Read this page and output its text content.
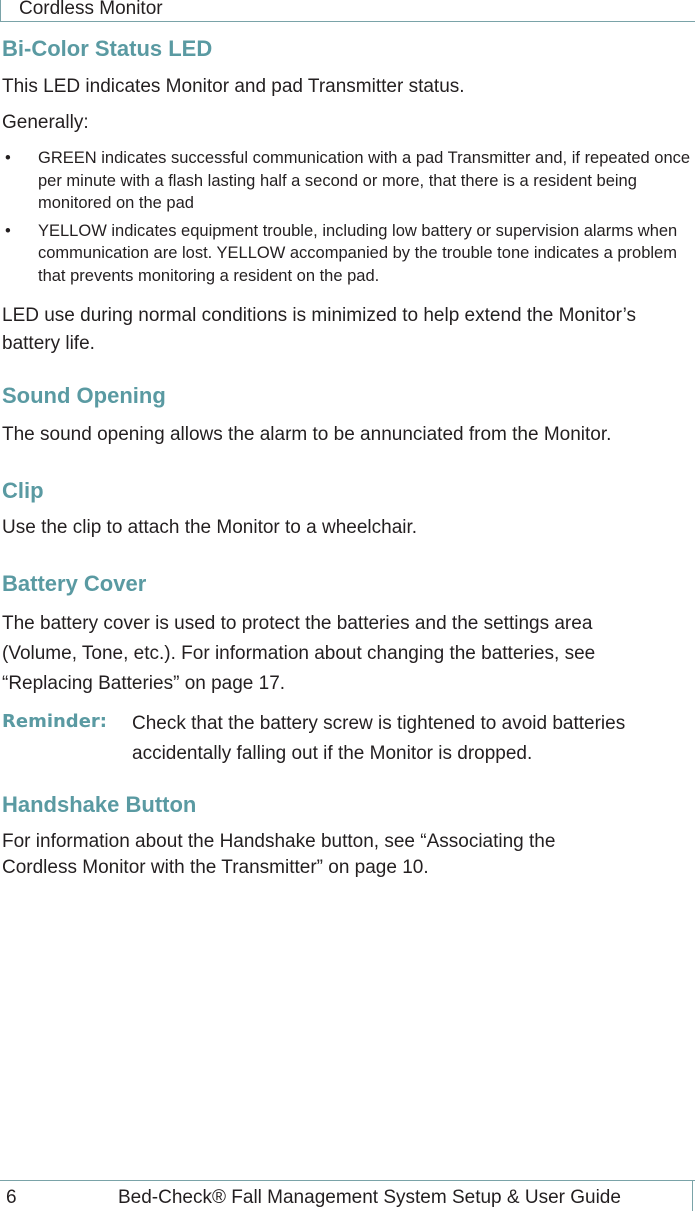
Cordless Monitor
Bi-Color Status LED

This LED indicates Monitor and pad Transmitter status.

Generally:

• GREEN indicates successful communication with a pad Transmitter and, if repeated once per minute with a flash lasting half a second or more, that there is a resident being monitored on the pad
• YELLOW indicates equipment trouble, including low battery or supervision alarms when communication are lost. YELLOW accompanied by the trouble tone indicates a problem that prevents monitoring a resident on the pad.

LED use during normal conditions is minimized to help extend the Monitor’s battery life.

Sound Opening

The sound opening allows the alarm to be annunciated from the Monitor.

Clip

Use the clip to attach the Monitor to a wheelchair.

Battery Cover

The battery cover is used to protect the batteries and the settings area (Volume, Tone, etc.). For information about changing the batteries, see “Replacing Batteries” on page 17.

Reminder: Check that the battery screw is tightened to avoid batteries accidentally falling out if the Monitor is dropped.
Handshake Button

For information about the Handshake button, see “Associating the

Cordless Monitor with the Transmitter” on page 10.

6	Bed-Check® Fall Management System Setup & User Guide
